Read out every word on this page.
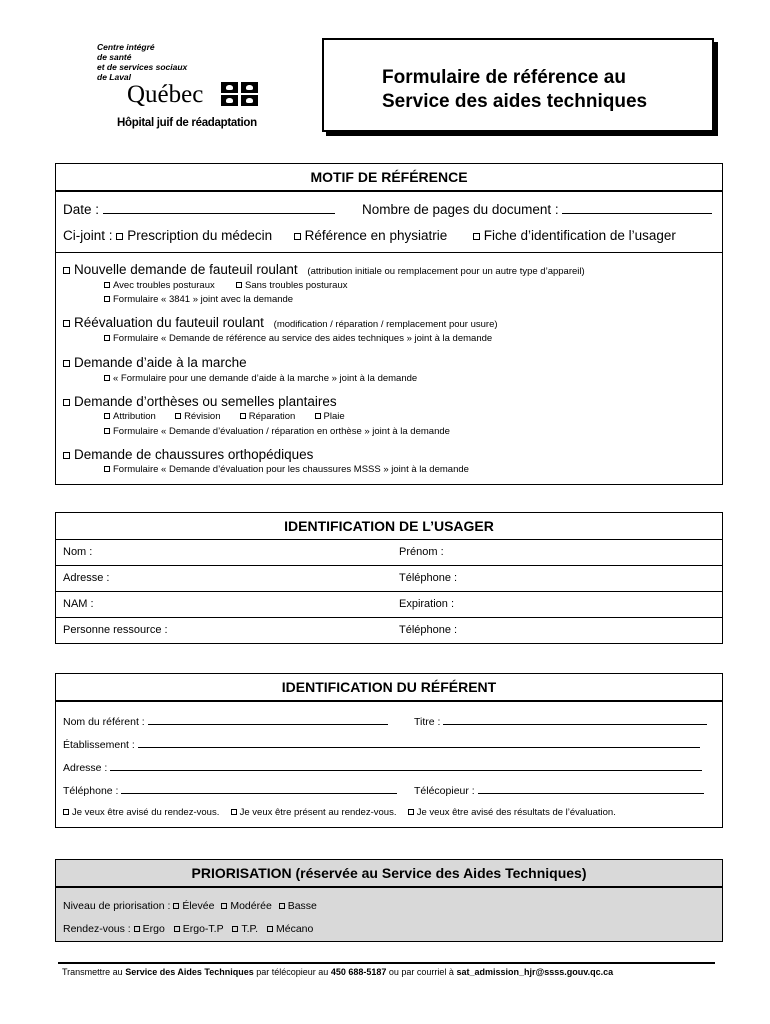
Centre intégré
de santé
et de services sociaux
de Laval
Québec
Hôpital juif de réadaptation
Formulaire de référence au
Service des aides techniques
MOTIF DE RÉFÉRENCE
Date :	Nombre de pages du document :
Ci-joint : Prescription du médecin Référence en physiatrie	Fiche d’identification de l’usager
Nouvelle demande de fauteuil roulant (attribution initiale ou remplacement pour un autre type d’appareil)
Avec troubles posturaux	Sans troubles posturaux
Formulaire « 3841 » joint avec la demande
Réévaluation du fauteuil roulant (modification / réparation / remplacement pour usure)
Formulaire « Demande de référence au service des aides techniques » joint à la demande
Demande d’aide à la marche
« Formulaire pour une demande d’aide à la marche » joint à la demande
Demande d’orthèses ou semelles plantaires
Attribution	Révision	Réparation	Plaie
Formulaire « Demande d’évaluation / réparation en orthèse » joint à la demande
Demande de chaussures orthopédiques
Formulaire « Demande d’évaluation pour les chaussures MSSS » joint à la demande
IDENTIFICATION DE L’USAGER
Nom :	Prénom :
Adresse :	Téléphone :
NAM :	Expiration :
Personne ressource :	Téléphone :
IDENTIFICATION DU RÉFÉRENT
Nom du référent :	Titre :
Établissement :
Adresse :
Téléphone :	Télécopieur :
Je veux être avisé du rendez-vous. Je veux être présent au rendez-vous. Je veux être avisé des résultats de l’évaluation.
PRIORISATION (réservée au Service des Aides Techniques)
Niveau de priorisation : Élevée Modérée Basse
Rendez-vous : Ergo Ergo-T.P T.P. Mécano
Transmettre au Service des Aides Techniques par télécopieur au 450 688-5187 ou par courriel à sat_admission_hjr@ssss.gouv.qc.ca
